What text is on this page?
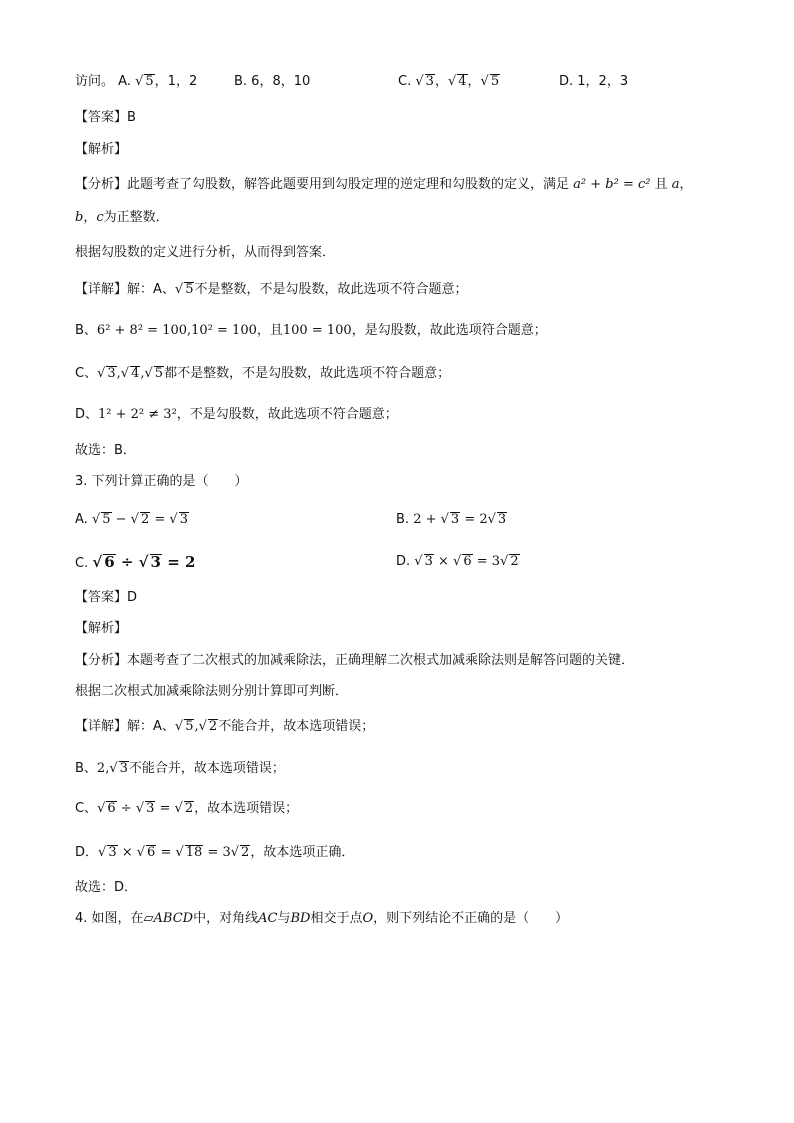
访问。 A. √ 5，1，2	B. 6，8，10	C. √ 3，√ 4，√ 5	D. 1，2，3
【答案】B
【解析】
【分析】此题考查了勾股数，解答此题要用到勾股定理的逆定理和勾股数的定义，满足 a² + b² = c² 且 a，
b，c为正整数．
根据勾股数的定义进行分析，从而得到答案．
【详解】解：A、√ 5不是整数，不是勾股数，故此选项不符合题意；
B、6² + 8² = 100,10² = 100，且100 = 100，是勾股数，故此选项符合题意；
C、√ 3,√ 4,√ 5都不是整数，不是勾股数，故此选项不符合题意；
D、1² + 2² ≠ 3²，不是勾股数，故此选项不符合题意；
故选：B．
3. 下列计算正确的是（　　）
A. √ 5 − √ 2 = √ 3	B. 2 + √ 3 = 2√ 3
C. √ 6 ÷ √ 3 = 2	D. √ 3 × √ 6 = 3√ 2
【答案】D
【解析】
【分析】本题考查了二次根式的加减乘除法，正确理解二次根式加减乘除法则是解答问题的关键．
根据二次根式加减乘除法则分别计算即可判断．
【详解】解：A、√ 5,√ 2不能合并，故本选项错误；
B、2,√ 3不能合并，故本选项错误；
C、√ 6 ÷ √ 3 = √ 2，故本选项错误；
D．√ 3 × √ 6 = √ 18 = 3√ 2，故本选项正确．
故选：D．
4. 如图，在▱ABCD中，对角线AC与BD相交于点O，则下列结论不正确的是（　　）
